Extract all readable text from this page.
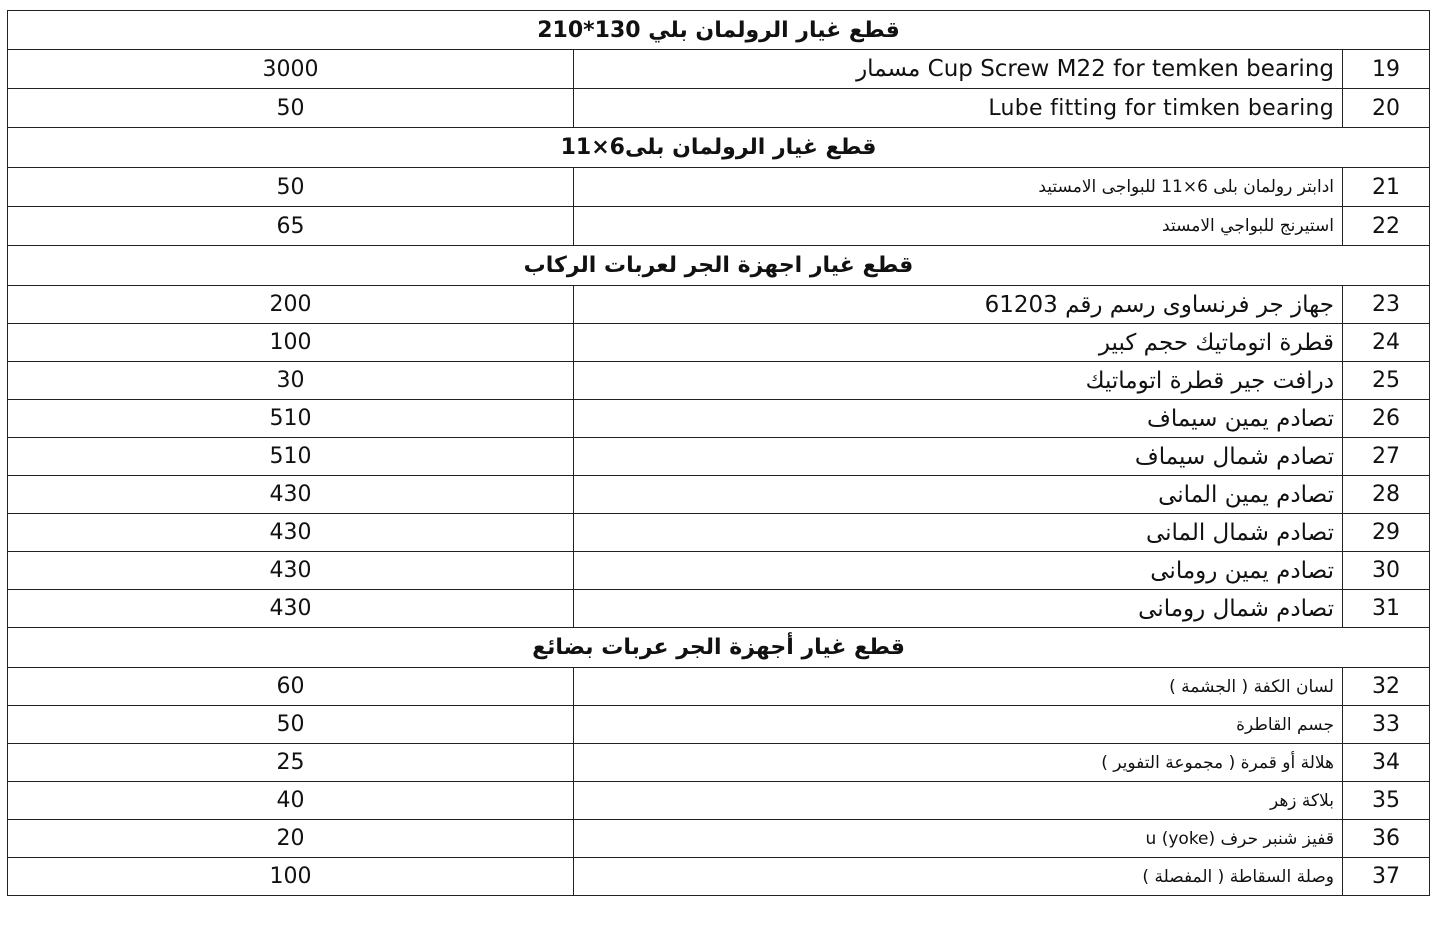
قطع غيار الرولمان بلي 130*210		
3000	Cup Screw M22 for temken bearing مسمار	19
50	Lube fitting for timken bearing	20
قطع غيار الرولمان بلى6×11		
50	ادابتر رولمان بلى 6×11 للبواجى الامستيد	21
65	استيرنج للبواجي الامستد	22
قطع غيار اجهزة الجر لعربات الركاب		
200	جهاز جر فرنساوى رسم رقم 61203	23
100	قطرة اتوماتيك حجم كبير	24
30	درافت جير قطرة اتوماتيك	25
510	تصادم يمين سيماف	26
510	تصادم شمال سيماف	27
430	تصادم يمين المانى	28
430	تصادم شمال المانى	29
430	تصادم يمين رومانى	30
430	تصادم شمال رومانى	31
قطع غيار أجهزة الجر عربات بضائع		
60	لسان الكفة ( الجشمة )	32
50	جسم القاطرة	33
25	هلالة أو قمرة ( مجموعة التفوير )	34
40	بلاكة زهر	35
20	قفيز شنبر حرف u (yoke)	36
100	وصلة السقاطة ( المفصلة )	37
